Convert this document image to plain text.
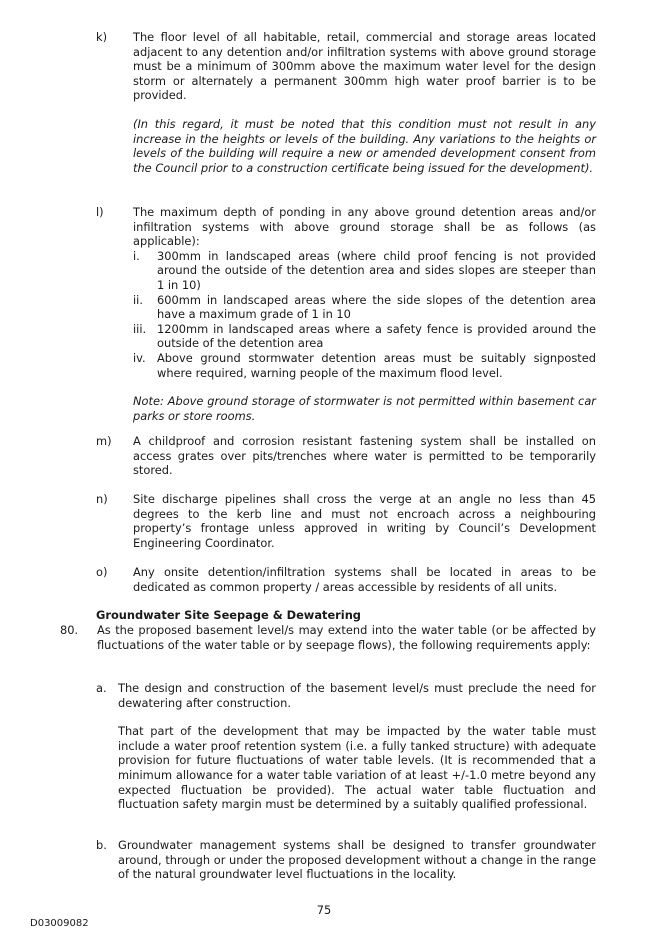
k) The floor level of all habitable, retail, commercial and storage areas located adjacent to any detention and/or infiltration systems with above ground storage must be a minimum of 300mm above the maximum water level for the design storm or alternately a permanent 300mm high water proof barrier is to be provided.

(In this regard, it must be noted that this condition must not result in any increase in the heights or levels of the building. Any variations to the heights or levels of the building will require a new or amended development consent from the Council prior to a construction certificate being issued for the development).

l)	The maximum depth of ponding in any above ground detention areas and/or infiltration systems with above ground storage shall be as follows (as applicable):

i. 300mm in landscaped areas (where child proof fencing is not provided around the outside of the detention area and sides slopes are steeper than 1 in 10)
ii. 600mm in landscaped areas where the side slopes of the detention area have a maximum grade of 1 in 10
iii. 1200mm in landscaped areas where a safety fence is provided around the outside of the detention area
iv. Above ground stormwater detention areas must be suitably signposted where required, warning people of the maximum flood level.

Note: Above ground storage of stormwater is not permitted within basement car parks or store rooms.

m) A childproof and corrosion resistant fastening system shall be installed on access grates over pits/trenches where water is permitted to be temporarily stored.

n) Site discharge pipelines shall cross the verge at an angle no less than 45 degrees to the kerb line and must not encroach across a neighbouring property’s frontage unless approved in writing by Council’s Development Engineering Coordinator.

o) Any onsite detention/infiltration systems shall be located in areas to be dedicated as common property / areas accessible by residents of all units.

Groundwater Site Seepage & Dewatering
80. As the proposed basement level/s may extend into the water table (or be affected by fluctuations of the water table or by seepage flows), the following requirements apply:

a. The design and construction of the basement level/s must preclude the need for dewatering after construction.

That part of the development that may be impacted by the water table must include a water proof retention system (i.e. a fully tanked structure) with adequate provision for future fluctuations of water table levels. (It is recommended that a minimum allowance for a water table variation of at least +/-1.0 metre beyond any expected fluctuation be provided). The actual water table fluctuation and fluctuation safety margin must be determined by a suitably qualified professional.

b. Groundwater management systems shall be designed to transfer groundwater around, through or under the proposed development without a change in the range of the natural groundwater level fluctuations in the locality.

75
D03009082
